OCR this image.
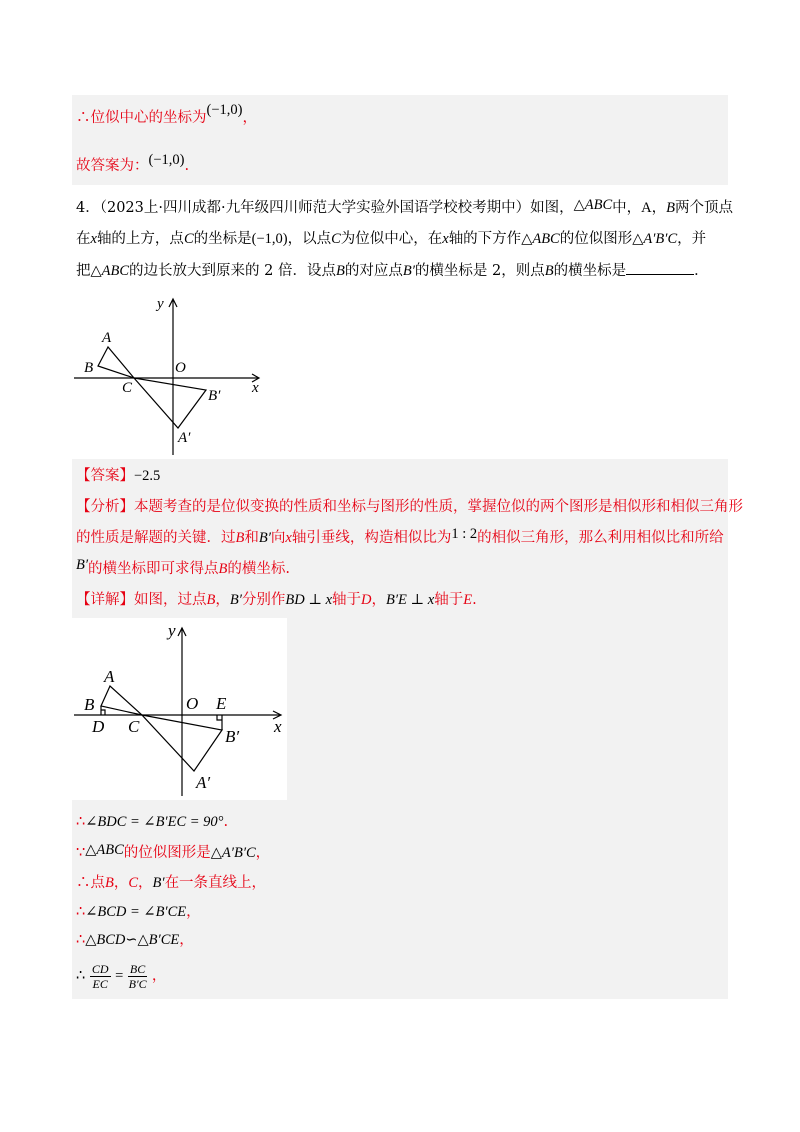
∴位似中心的坐标为(−1,0)，
故答案为：(−1,0).
4．（2023上·四川成都·九年级四川师范大学实验外国语学校校考期中）如图，△ABC中，A，B两个顶点
在x轴的上方，点C的坐标是(−1,0)，以点C为位似中心，在x轴的下方作△ABC的位似图形△A′B′C，并
把△ABC的边长放大到原来的 2 倍．设点B的对应点B′的横坐标是 2，则点B的横坐标是	．
y
x
O
A
B
C	B′
A′
【答案】−2.5
【分析】本题考查的是位似变换的性质和坐标与图形的性质，掌握位似的两个图形是相似形和相似三角形
的性质是解题的关键．过B和B′向x轴引垂线，构造相似比为1 : 2的相似三角形，那么利用相似比和所给
B′的横坐标即可求得点B的横坐标.
【详解】如图，过点B，B′分别作BD ⊥ x轴于D，B′E ⊥ x轴于E.
y
x
O E
A
B
D C
B′
A′
∴∠BDC = ∠B′EC = 90°.
∵△ABC的位似图形是△A′B′C，
∴点B，C，B′在一条直线上，
∴∠BCD = ∠B′CE，
∴△BCD∽△B′CE，
∴ $\frac{CD}{EC} = \frac{BC}{B'C}$ ，
